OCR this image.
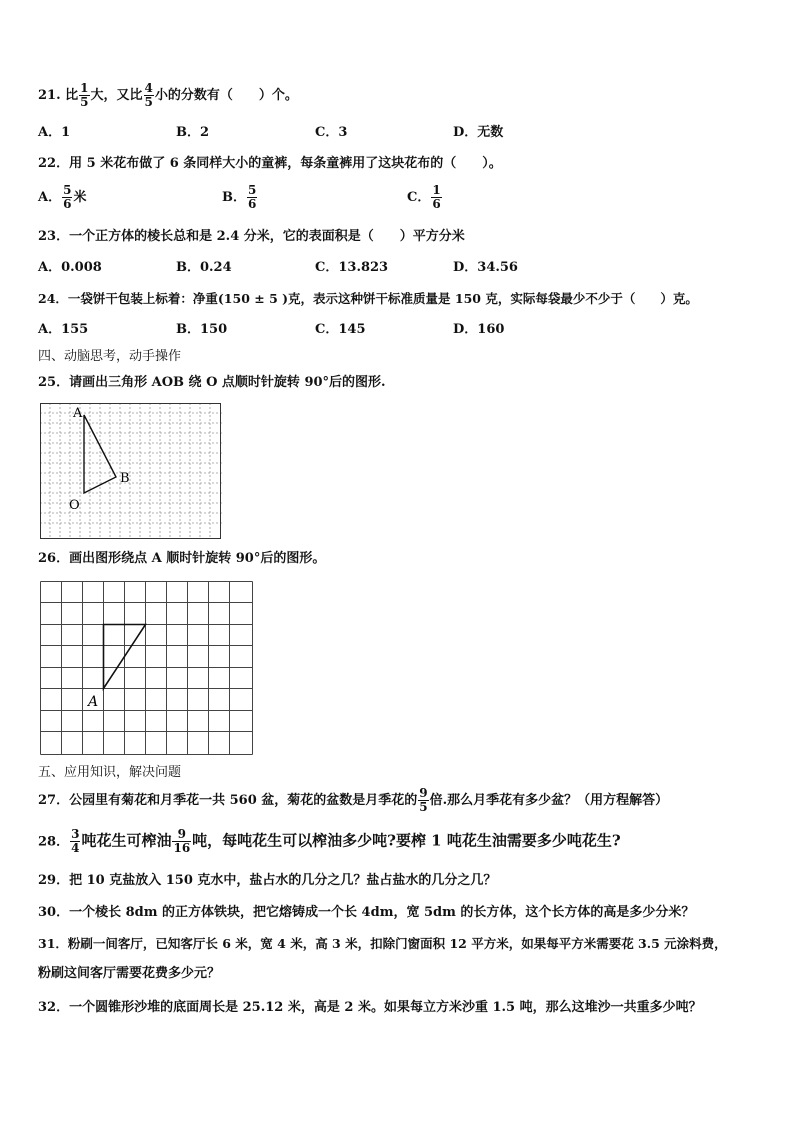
21. 比 $\frac{1}{5}$ 大，又比 $\frac{4}{5}$ 小的分数有（　　）个。
A．1	B．2	C．3	D．无数
22．用 5 米花布做了 6 条同样大小的童裤，每条童裤用了这块花布的（　　）。
A． $\frac{5}{6}$ 米	B． $\frac{5}{6}$	C． $\frac{1}{6}$
23．一个正方体的棱长总和是 2.4 分米，它的表面积是（　　）平方分米
A．0.008	B．0.24	C．13.823	D．34.56
24．一袋饼干包装上标着：净重(150 ± 5 )克，表示这种饼干标准质量是 150 克，实际每袋最少不少于（　　）克。
A．155	B．150	C．145	D．160
四、动脑思考，动手操作
25．请画出三角形 AOB 绕 O 点顺时针旋转 90°后的图形.
A
B
O
26．画出图形绕点 A 顺时针旋转 90°后的图形。
A
五、应用知识，解决问题
27．公园里有菊花和月季花一共 560 盆，菊花的盆数是月季花的 $\frac{9}{5}$ 倍.那么月季花有多少盆？（用方程解答）
28． $\frac{3}{4}$ 吨花生可榨油 $\frac{9}{16}$ 吨，每吨花生可以榨油多少吨?要榨 1 吨花生油需要多少吨花生?
29．把 10 克盐放入 150 克水中，盐占水的几分之几？盐占盐水的几分之几？
30．一个棱长 8dm 的正方体铁块，把它熔铸成一个长 4dm，宽 5dm 的长方体，这个长方体的高是多少分米？
31．粉刷一间客厅，已知客厅长 6 米，宽 4 米，高 3 米，扣除门窗面积 12 平方米，如果每平方米需要花 3.5 元涂料费，
粉刷这间客厅需要花费多少元？
32．一个圆锥形沙堆的底面周长是 25.12 米，高是 2 米。如果每立方米沙重 1.5 吨，那么这堆沙一共重多少吨？
